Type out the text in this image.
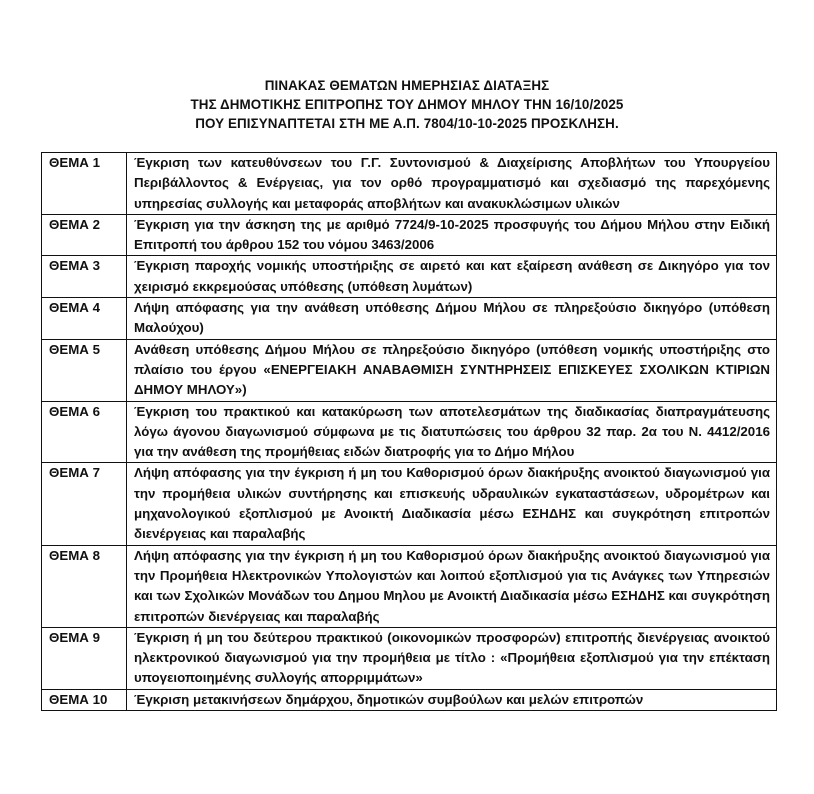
ΠΙΝΑΚΑΣ ΘΕΜΑΤΩΝ ΗΜΕΡΗΣΙΑΣ ΔΙΑΤΑΞΗΣ
ΤΗΣ ΔΗΜΟΤΙΚΗΣ ΕΠΙΤΡΟΠΗΣ ΤΟΥ ΔΗΜΟΥ ΜΗΛΟΥ ΤΗΝ 16/10/2025
ΠΟΥ ΕΠΙΣΥΝΑΠΤΕΤΑΙ ΣΤΗ ΜΕ Α.Π. 7804/10-10-2025 ΠΡΟΣΚΛΗΣΗ.
ΘΕΜΑ 1	Έγκριση των κατευθύνσεων του Γ.Γ. Συντονισμού & Διαχείρισης Αποβλήτων του Υπουργείου Περιβάλλοντος & Ενέργειας, για τον ορθό προγραμματισμό και σχεδιασμό της παρεχόμενης υπηρεσίας συλλογής και μεταφοράς αποβλήτων και ανακυκλώσιμων υλικών
ΘΕΜΑ 2	Έγκριση για την άσκηση της με αριθμό 7724/9-10-2025 προσφυγής του Δήμου Μήλου στην Ειδική Επιτροπή του άρθρου 152 του νόμου 3463/2006
ΘΕΜΑ 3	Έγκριση παροχής νομικής υποστήριξης σε αιρετό και κατ εξαίρεση ανάθεση σε Δικηγόρο για τον χειρισμό εκκρεμούσας υπόθεσης (υπόθεση λυμάτων)
ΘΕΜΑ 4	Λήψη απόφασης για την ανάθεση υπόθεσης Δήμου Μήλου σε πληρεξούσιο δικηγόρο (υπόθεση Μαλούχου)
ΘΕΜΑ 5	Ανάθεση υπόθεσης Δήμου Μήλου σε πληρεξούσιο δικηγόρο (υπόθεση νομικής υποστήριξης στο πλαίσιο του έργου «ΕΝΕΡΓΕΙΑΚΗ ΑΝΑΒΑΘΜΙΣΗ ΣΥΝΤΗΡΗΣΕΙΣ ΕΠΙΣΚΕΥΕΣ ΣΧΟΛΙΚΩΝ ΚΤΙΡΙΩΝ ΔΗΜΟΥ ΜΗΛΟΥ»)
ΘΕΜΑ 6	Έγκριση του πρακτικού και κατακύρωση των αποτελεσμάτων της διαδικασίας διαπραγμάτευσης λόγω άγονου διαγωνισμού σύμφωνα με τις διατυπώσεις του άρθρου 32 παρ. 2α του Ν. 4412/2016 για την ανάθεση της προμήθειας ειδών διατροφής για το Δήμο Μήλου
ΘΕΜΑ 7	Λήψη απόφασης για την έγκριση ή μη του Καθορισμού όρων διακήρυξης ανοικτού διαγωνισμού για την προμήθεια υλικών συντήρησης και επισκευής υδραυλικών εγκαταστάσεων, υδρομέτρων και μηχανολογικού εξοπλισμού με Ανοικτή Διαδικασία μέσω ΕΣΗΔΗΣ και συγκρότηση επιτροπών διενέργειας και παραλαβής
ΘΕΜΑ 8	Λήψη απόφασης για την έγκριση ή μη του Καθορισμού όρων διακήρυξης ανοικτού διαγωνισμού για την Προμήθεια Ηλεκτρονικών Υπολογιστών και λοιπού εξοπλισμού για τις Ανάγκες των Υπηρεσιών και των Σχολικών Μονάδων του Δημου Μηλου με Ανοικτή Διαδικασία μέσω ΕΣΗΔΗΣ και συγκρότηση επιτροπών διενέργειας και παραλαβής
ΘΕΜΑ 9	Έγκριση ή μη του δεύτερου πρακτικού (οικονομικών προσφορών) επιτροπής διενέργειας ανοικτού ηλεκτρονικού διαγωνισμού για την προμήθεια με τίτλο : «Προμήθεια εξοπλισμού για την επέκταση υπογειοποιημένης συλλογής απορριμμάτων»
ΘΕΜΑ 10	Έγκριση μετακινήσεων δημάρχου, δημοτικών συμβούλων και μελών επιτροπών
